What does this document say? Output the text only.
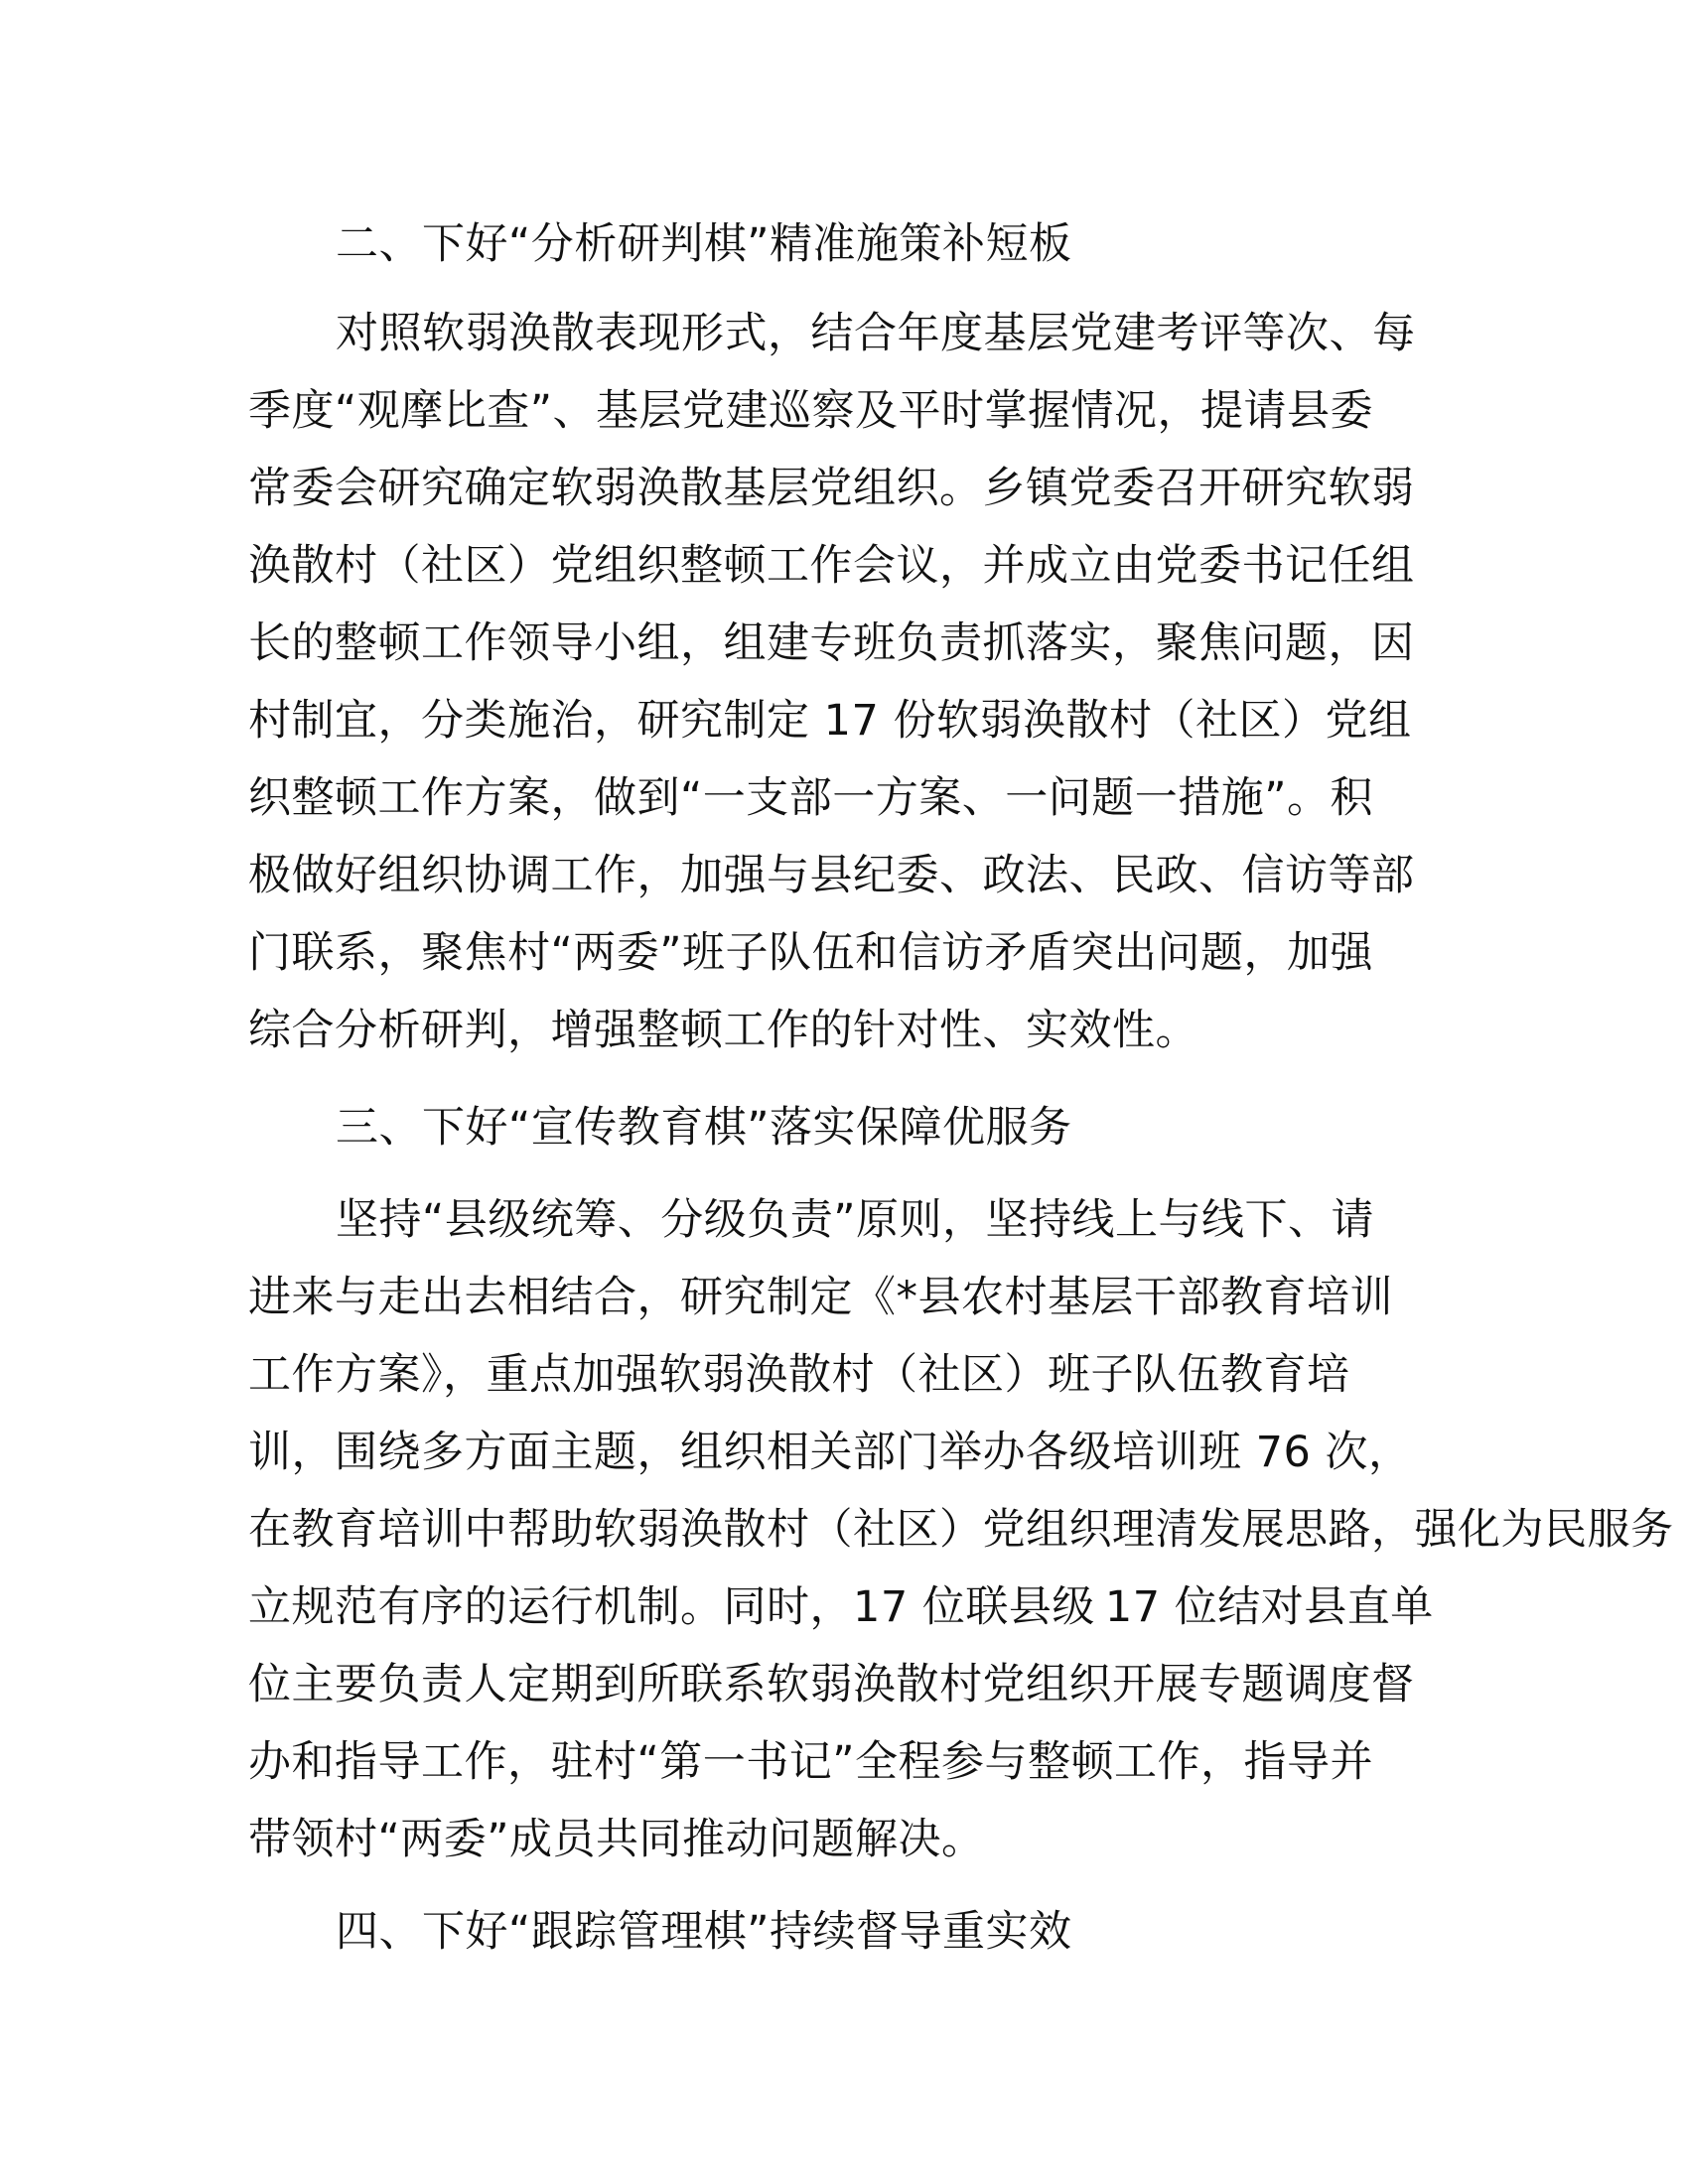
二、下好“分析研判棋”精准施策补短板
对照软弱涣散表现形式，结合年度基层党建考评等次、每
季度“观摩比查”、基层党建巡察及平时掌握情况，提请县委
常委会研究确定软弱涣散基层党组织。乡镇党委召开研究软弱
涣散村（社区）党组织整顿工作会议，并成立由党委书记任组
长的整顿工作领导小组，组建专班负责抓落实，聚焦问题，因
村制宜，分类施治，研究制定 17 份软弱涣散村（社区）党组
织整顿工作方案，做到“一支部一方案、一问题一措施”。积
极做好组织协调工作，加强与县纪委、政法、民政、信访等部
门联系，聚焦村“两委”班子队伍和信访矛盾突出问题，加强
综合分析研判，增强整顿工作的针对性、实效性。
三、下好“宣传教育棋”落实保障优服务
坚持“县级统筹、分级负责”原则，坚持线上与线下、请
进来与走出去相结合，研究制定《*县农村基层干部教育培训
工作方案》，重点加强软弱涣散村（社区）班子队伍教育培
训，围绕多方面主题，组织相关部门举办各级培训班 76 次，
在教育培训中帮助软弱涣散村（社区）党组织理清发展思路，强化为民服务
立规范有序的运行机制。同时，17 位联县级 17 位结对县直单
位主要负责人定期到所联系软弱涣散村党组织开展专题调度督
办和指导工作，驻村“第一书记”全程参与整顿工作，指导并
带领村“两委”成员共同推动问题解决。
四、下好“跟踪管理棋”持续督导重实效
